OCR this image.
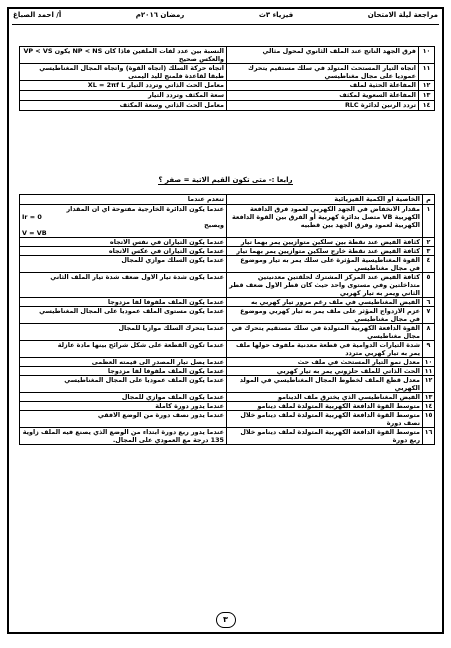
مراجعة ليلة الامتحان
فيزياء ٣ث
رمضان ٢٠١٦م
أ/ احمد الصباغ
١٠	فرق الجهد الناتج عند الملف الثانوي لمحول مثالي	النسبة بين عدد لفات الملفين فاذا كان NP < NS يكون VP < VS والعكس صحيح
١١	اتجاه التيار المستحث المتولد في سلك مستقيم يتحرك عموديا على مجال مغناطيسي	اتجاه حركة السلك (اتجاه القوة) واتجاه المجال المغناطيسي طبقا لقاعدة فلمنج لليد اليمنى
١٢	المفاعلة الحثية لملف	معامل الحث الذاتي وتردد التيار XL = 2πf L
١٣	المفاعلة السعوية لمكثف	سعة المكثف وتردد التيار
١٤	تردد الرنين لدائرة RLC	معامل الحث الذاتي وسعة المكثف
رابعا :- متى تكون القيم الاتية = صفر ؟
م	الخاصية او الكمية الفيزيائية	تنعدم عندما
١	مقدار الانخفاض في الجهد الكهربي لعمود فرق الدافعة الكهربية VB متصل بدائرة كهربية أو الفرق بين القوة الدافعة الكهربية لعمود وفرق الجهد بين قطبيه	عندما يكون الدائرة الخارجية مفتوحة اي ان المقدار
Ir = 0
ويصبح
V = VB

٢	كثافة الفيض عند نقطة بين سلكين متوازيين يمر بهما تيار	عندما يكون التياران في نفس الاتجاه
٣	كثافة الفيض عند نقطة خارج سلكين متوازيين يمر بهما تيار	عندما يكون التياران في عكس الاتجاه
٤	القوة المغناطيسية المؤثرة على سلك يمر به تيار وموضوع في مجال مغناطيسي	عندما يكون السلك موازي للمجال
٥	كثافة الفيض عند المركز المشترك لحلقتين معدنيتين متداخلتين وفي مستوى واحد حيث كان قطر الاول ضعف قطر الثاني ويمر به تيار كهربي	عندما يكون شدة تيار الاول ضعف شدة تيار الملف الثاني
٦	الفيض المغناطيسي في ملف رغم مرور تيار كهربي به	عندما يكون الملف ملفوفا لفا مزدوجا
٧	عزم الازدواج المؤثر على ملف يمر به تيار كهربي وموضوع في مجال مغناطيسي	عندما يكون مستوى الملف عموديا على المجال المغناطيسي
٨	القوة الدافعة الكهربية المتولدة في سلك مستقيم يتحرك في مجال مغناطيسي	عندما يتحرك السلك موازيا للمجال
٩	شدة التيارات الدوامية في قطعة معدنية ملفوف حولها ملف يمر به تيار كهربي متردد	عندما تكون القطعة على شكل شرائح بينها مادة عازلة
١٠	معدل نمو التيار المستحث في ملف حث	عندما يصل تيار المصدر الى قيمته العظمى
١١	الحث الذاتي للملف حلزوني يمر به تيار كهربي	عندما يكون الملف ملفوفا لفا مزدوجا
١٢	معدل قطع الملف لخطوط المجال المغناطيسي في المولد الكهربي	عندما يكون الملف عموديا على المجال المغناطيسي
١٣	الفيض المغناطيسي الذي يخترق ملف الدينامو	عندما يكون الملف موازي للمجال
١٤	متوسط القوة الدافعة الكهربية المتولدة لملف دينامو	عندما يدور دورة كاملة
١٥	متوسط القوة الدافعة الكهربية المتولدة لملف دينامو خلال نصف دورة	عندما يدور نصف دورة من الوضع الافقي
١٦	متوسط القوة الدافعة الكهربية المتولدة لملف دينامو خلال ربع دورة	عندما يدور ربع دورة ابتداء من الوضع الذي يصنع فيه الملف زاوية 135 درجة مع العمودي على المجال.
٣
